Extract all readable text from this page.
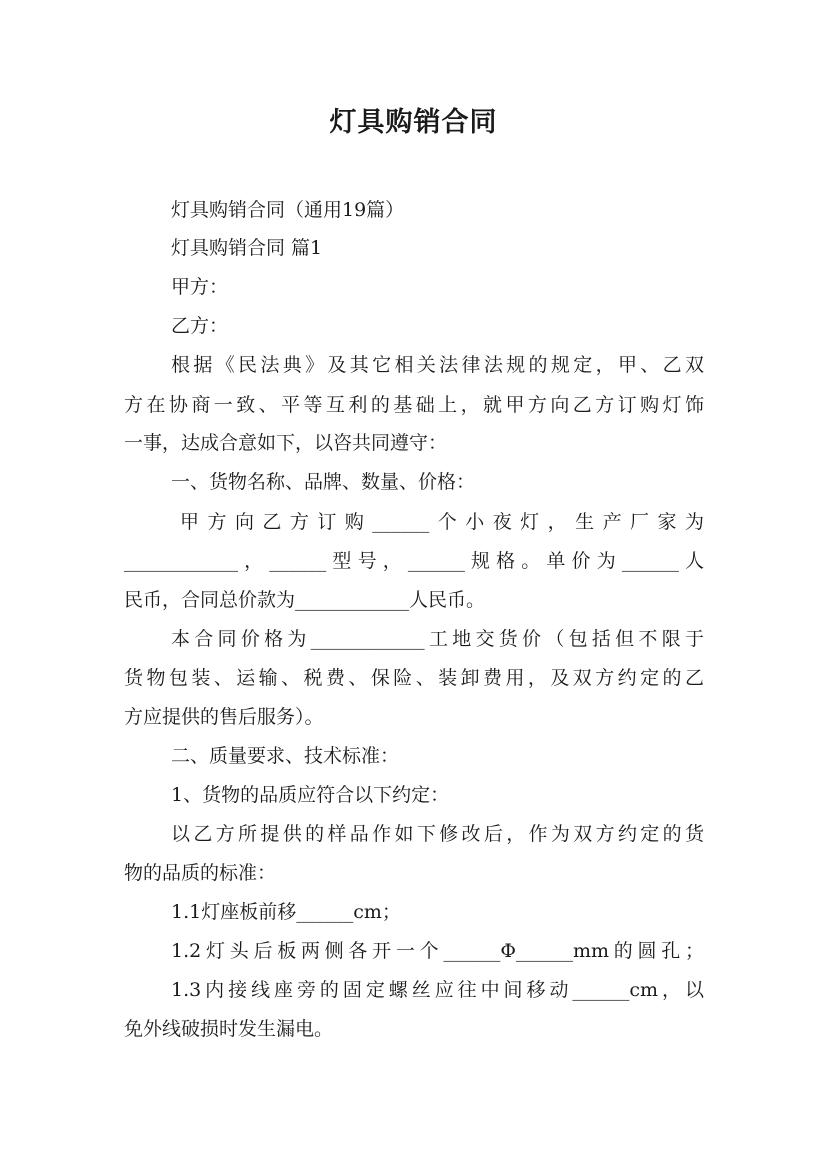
灯具购销合同
灯具购销合同（通用19篇）
灯具购销合同 篇1
甲方：
乙方：
根据《民法典》及其它相关法律法规的规定，甲、乙双
方在协商一致、平等互利的基础上，就甲方向乙方订购灯饰
一事，达成合意如下，以咨共同遵守：
一、货物名称、品牌、数量、价格：
甲方向乙方订购______个小夜灯，生产厂家为
____________，______型号，______规格。单价为______人
民币，合同总价款为____________人民币。
本合同价格为____________工地交货价（包括但不限于
货物包装、运输、税费、保险、装卸费用，及双方约定的乙
方应提供的售后服务）。
二、质量要求、技术标准：
1、货物的品质应符合以下约定：
以乙方所提供的样品作如下修改后，作为双方约定的货
物的品质的标准：
1.1灯座板前移______cm；
1.2灯头后板两侧各开一个______Φ______mm的圆孔；
1.3内接线座旁的固定螺丝应往中间移动______cm，以
免外线破损时发生漏电。
